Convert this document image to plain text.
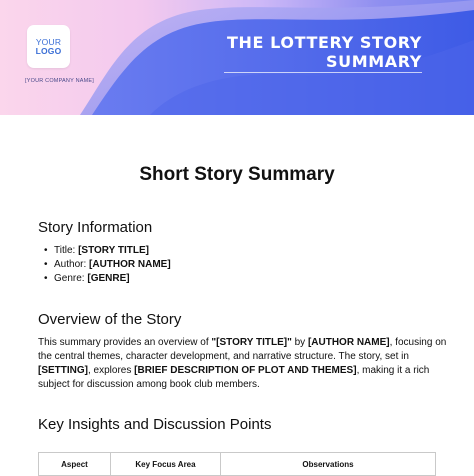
YOUR
LOGO
[YOUR COMPANY NAME]
THE LOTTERY STORY
SUMMARY
Short Story Summary
Story Information
• Title: [STORY TITLE]
• Author: [AUTHOR NAME]
• Genre: [GENRE]
Overview of the Story

This summary provides an overview of "[STORY TITLE]" by [AUTHOR NAME], focusing on the central themes, character development, and narrative structure. The story, set in [SETTING], explores [BRIEF DESCRIPTION OF PLOT AND THEMES], making it a rich subject for discussion among book club members.

Key Insights and Discussion Points
Aspect	Key Focus Area	Observations
